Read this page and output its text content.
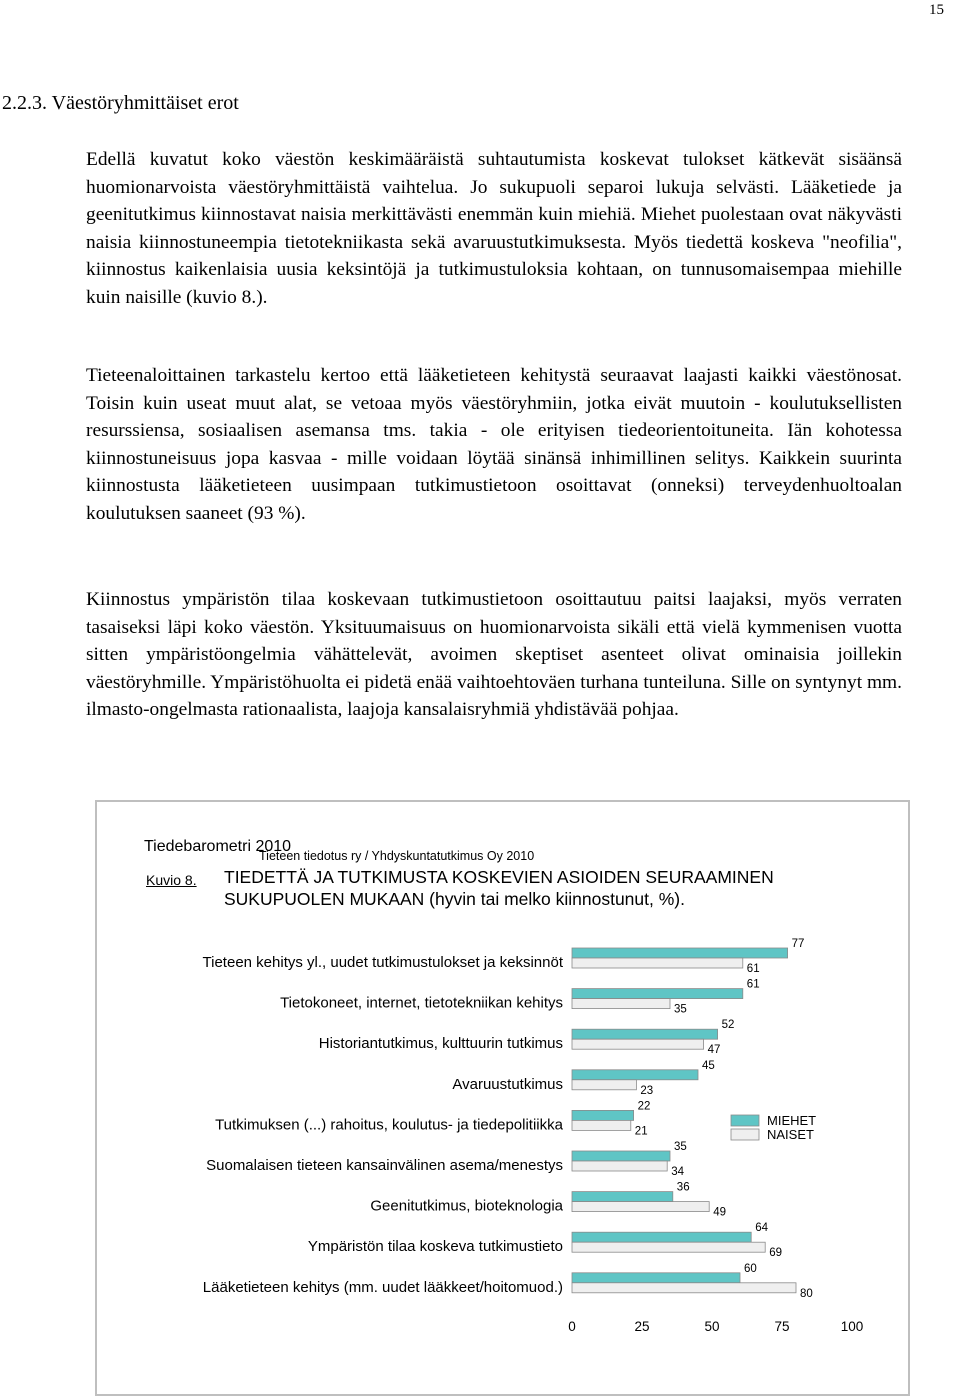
15
2.2.3. Väestöryhmittäiset erot

Edellä kuvatut koko väestön keskimääräistä suhtautumista koskevat tulokset kätkevät sisäänsä huomionarvoista väestöryhmittäistä vaihtelua. Jo sukupuoli separoi lukuja selvästi. Lääketiede ja geenitutkimus kiinnostavat naisia merkittävästi enemmän kuin miehiä. Miehet puolestaan ovat näkyvästi naisia kiinnostuneempia tietotekniikasta sekä avaruustutkimuksesta. Myös tiedettä koskeva "neofilia", kiinnostus kaikenlaisia uusia keksintöjä ja tutkimustuloksia kohtaan, on tunnusomaisempaa miehille kuin naisille (kuvio 8.).

Tieteenaloittainen tarkastelu kertoo että lääketieteen kehitystä seuraavat laajasti kaikki väestönosat. Toisin kuin useat muut alat, se vetoaa myös väestöryhmiin, jotka eivät muutoin - koulutuksellisten resurssiensa, sosiaalisen asemansa tms. takia - ole erityisen tiedeorientoituneita. Iän kohotessa kiinnostuneisuus jopa kasvaa - mille voidaan löytää sinänsä inhimillinen selitys. Kaikkein suurinta kiinnostusta lääketieteen uusimpaan tutkimustietoon osoittavat (onneksi) terveydenhuoltoalan koulutuksen saaneet (93 %).

Kiinnostus ympäristön tilaa koskevaan tutkimustietoon osoittautuu paitsi laajaksi, myös verraten tasaiseksi läpi koko väestön. Yksituumaisuus on huomionarvoista sikäli että vielä kymmenisen vuotta sitten ympäristöongelmia vähättelevät, avoimen skeptiset asenteet olivat ominaisia joillekin väestöryhmille. Ympäristöhuolta ei pidetä enää vaihtoehtoväen turhana tunteiluna. Sille on syntynyt mm. ilmasto-ongelmasta rationaalista, laajoja kansalaisryhmiä yhdistävää pohjaa.

Tiedebarometri 2010
Kuvio 8. TIEDETTÄ JA TUTKIMUSTA KOSKEVIEN ASIOIDEN SEURAAMINEN SUKUPUOLEN MUKAAN (hyvin tai melko kiinnostunut, %).
Tieteen kehitys yl., uudet tutkimustulokset ja keksinnöt
77
61
Tietokoneet, internet, tietotekniikan kehitys
61
35
Historiantutkimus, kulttuurin tutkimus
52
47
Avaruustutkimus
45
23
Tutkimuksen (...) rahoitus, koulutus- ja tiedepolitiikka
22
21
Suomalaisen tieteen kansainvälinen asema/menestys
35
34
Geenitutkimus, bioteknologia
36
49
Ympäristön tilaa koskeva tutkimustieto
64
69
Lääketieteen kehitys (mm. uudet lääkkeet/hoitomuod.)
60
80
0	25	50	75	100
MIEHET
NAISET
Tieteen tiedotus ry / Yhdyskuntatutkimus Oy 2010
